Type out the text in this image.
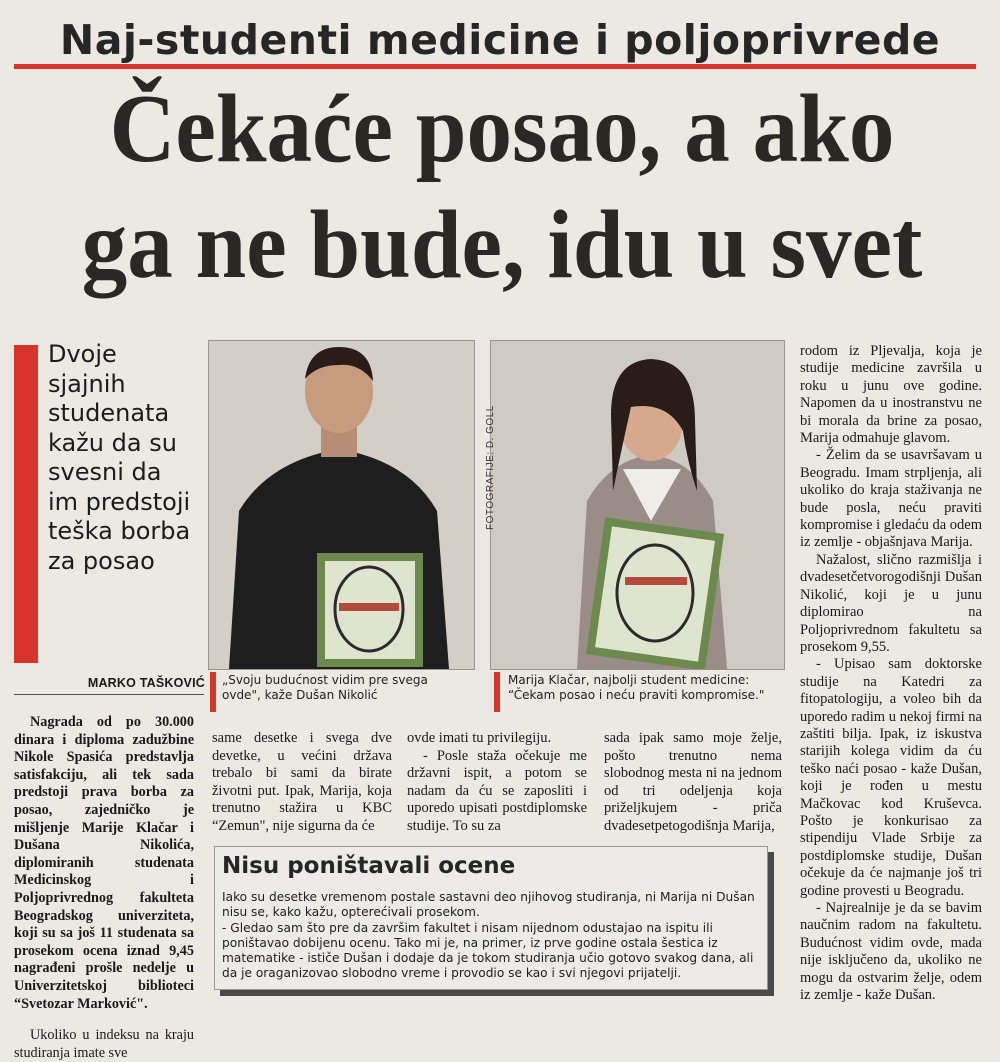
Naj-studenti medicine i poljoprivrede
Čekaće posao, a ako
ga ne bude, idu u svet
Dvoje sjajnih studenata kažu da su svesni da im predstoji teška borba za posao
MARKO TAŠKOVIĆ
FOTOGRAFIJE: D. GOLL
„Svoju budućnost vidim pre svega ovde", kaže Dušan Nikolić
Marija Klačar, najbolji student medicine: “Čekam posao i neću praviti kompromise."

Nagrada od po 30.000 dinara i diploma zadužbine Nikole Spasića predstavlja satisfakciju, ali tek sada predstoji prava borba za posao, zajedničko je mišljenje Marije Klačar i Dušana Nikolića, diplomiranih studenata Medicinskog i Poljoprivrednog fakulteta Beogradskog univerziteta, koji su sa još 11 studenata sa prosekom ocena iznad 9,45 nagrađeni prošle nedelje u Univerzitetskoj biblioteci “Svetozar Marković".

Ukoliko u indeksu na kraju studiranja imate sve

same desetke i svega dve devetke, u većini država trebalo bi sami da birate životni put. Ipak, Marija, koja trenutno stažira u KBC “Zemun", nije sigurna da će

ovde imati tu privilegiju.

- Posle staža očekuje me državni ispit, a potom se nadam da ću se zaposliti i uporedo upisati postdiplomske studije. To su za

sada ipak samo moje želje, pošto trenutno nema slobodnog mesta ni na jednom od tri odeljenja koja priželjkujem - priča dvadesetpetogodišnja Marija,

rodom iz Pljevalja, koja je studije medicine završila u roku u junu ove godine. Napomen da u inostranstvu ne bi morala da brine za posao, Marija odmahuje glavom.

- Želim da se usavršavam u Beogradu. Imam strpljenja, ali ukoliko do kraja staživanja ne bude posla, neću praviti kompromise i gledaću da odem iz zemlje - objašnjava Marija.

Nažalost, slično razmišlja i dvadesetčetvorogodišnji Dušan Nikolić, koji je u junu diplomirao na Poljoprivrednom fakultetu sa prosekom 9,55.

- Upisao sam doktorske studije na Katedri za fitopatologiju, a voleo bih da uporedo radim u nekoj firmi na zaštiti bilja. Ipak, iz iskustva starijih kolega vidim da ću teško naći posao - kaže Dušan, koji je rođen u mestu Mačkovac kod Kruševca. Pošto je konkurisao za stipendiju Vlade Srbije za postdiplomske studije, Dušan očekuje da će najmanje još tri godine provesti u Beogradu.

- Najrealnije je da se bavim naučnim radom na fakultetu. Budućnost vidim ovde, mada nije isključeno da, ukoliko ne mogu da ostvarim želje, odem iz zemlje - kaže Dušan.

Nisu poništavali ocene

Iako su desetke vremenom postale sastavni deo njihovog studiranja, ni Marija ni Dušan nisu se, kako kažu, opterećivali prosekom.

- Gledao sam što pre da završim fakultet i nisam nijednom odustajao na ispitu ili poništavao dobijenu ocenu. Tako mi je, na primer, iz prve godine ostala šestica iz matematike - ističe Dušan i dodaje da je tokom studiranja učio gotovo svakog dana, ali da je oraganizovao slobodno vreme i provodio se kao i svi njegovi prijatelji.
